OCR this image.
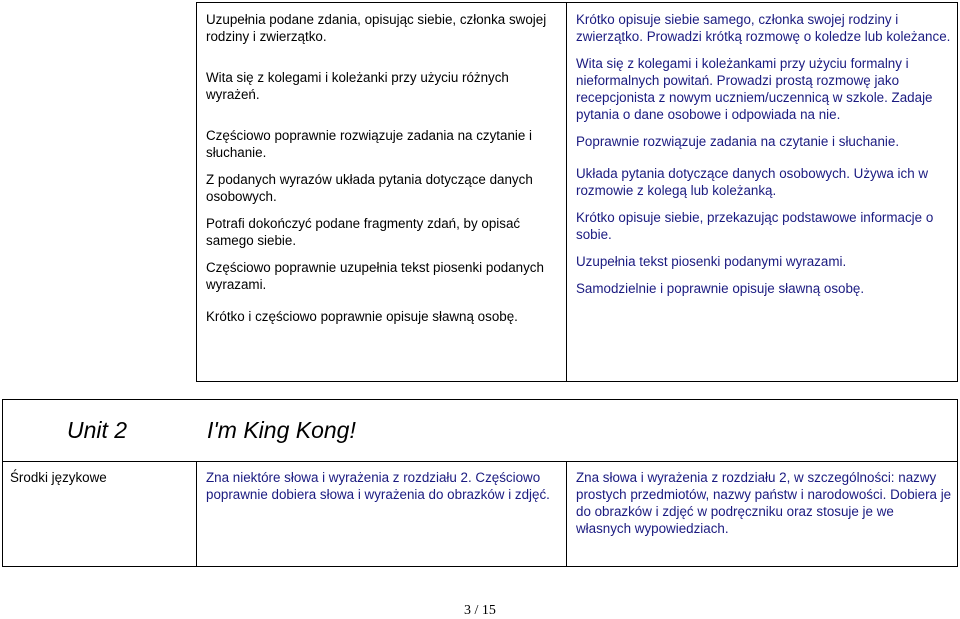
Uzupełnia podane zdania, opisując siebie, członka swojej rodziny i zwierzątko.

Wita się z kolegami i koleżanki przy użyciu różnych wyrażeń.

Częściowo poprawnie rozwiązuje zadania na czytanie i słuchanie.

Z podanych wyrazów układa pytania dotyczące danych osobowych.

Potrafi dokończyć podane fragmenty zdań, by opisać samego siebie.

Częściowo poprawnie uzupełnia tekst piosenki podanych wyrazami.

Krótko i częściowo poprawnie opisuje sławną osobę.

Krótko opisuje siebie samego, członka swojej rodziny i zwierzątko. Prowadzi krótką rozmowę o koledze lub koleżance.

Wita się z kolegami i koleżankami przy użyciu formalny i nieformalnych powitań. Prowadzi prostą rozmowę jako recepcjonista z nowym uczniem/uczennicą w szkole. Zadaje pytania o dane osobowe i odpowiada na nie.

Poprawnie rozwiązuje zadania na czytanie i słuchanie.

Układa pytania dotyczące danych osobowych. Używa ich w rozmowie z kolegą lub koleżanką.

Krótko opisuje siebie, przekazując podstawowe informacje o sobie.

Uzupełnia tekst piosenki podanymi wyrazami.

Samodzielnie i poprawnie opisuje sławną osobę.

Unit 2	I'm King Kong!

Środki językowe	Zna niektóre słowa i wyrażenia z rozdziału 2. Częściowo poprawnie dobiera słowa i wyrażenia do obrazków i zdjęć.

Zna słowa i wyrażenia z rozdziału 2, w szczególności: nazwy prostych przedmiotów, nazwy państw i narodowości. Dobiera je do obrazków i zdjęć w podręczniku oraz stosuje je we własnych wypowiedziach.

3 / 15
